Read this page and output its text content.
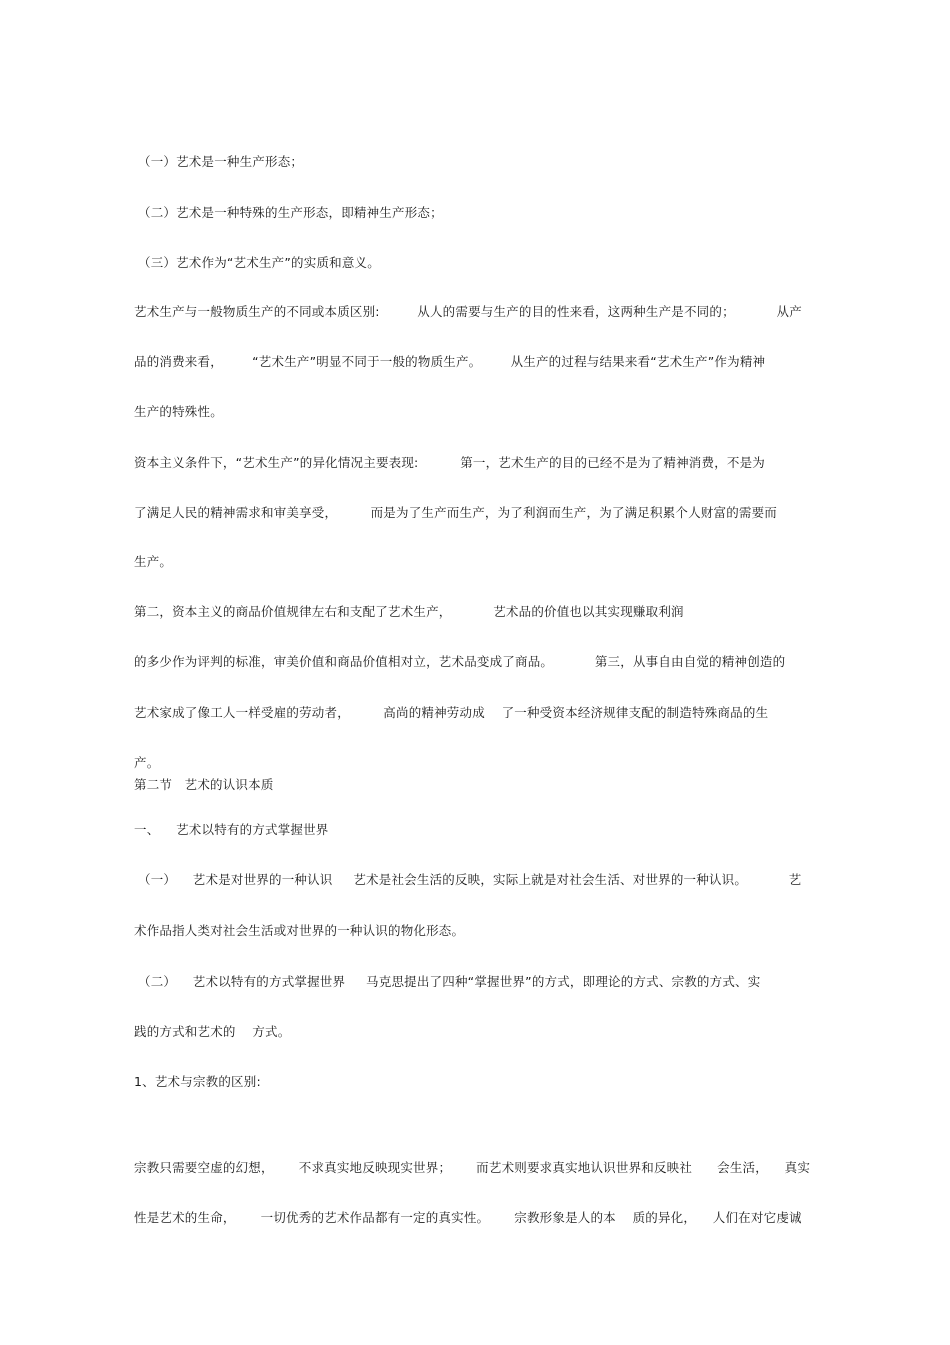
（一）艺术是一种生产形态；
（二）艺术是一种特殊的生产形态，即精神生产形态；
（三）艺术作为“艺术生产”的实质和意义。
艺术生产与一般物质生产的不同或本质区别:         从人的需要与生产的目的性来看，这两种生产是不同的；          从产
品的消费来看，       “艺术生产”明显不同于一般的物质生产。       从生产的过程与结果来看“艺术生产”作为精神
生产的特殊性。
资本主义条件下，“艺术生产”的异化情况主要表现:          第一，艺术生产的目的已经不是为了精神消费，不是为
了满足人民的精神需求和审美享受，        而是为了生产而生产，为了利润而生产，为了满足积累个人财富的需要而
生产。
第二，资本主义的商品价值规律左右和支配了艺术生产，          艺术品的价值也以其实现赚取利润
的多少作为评判的标准，审美价值和商品价值相对立，艺术品变成了商品。          第三，从事自由自觉的精神创造的
艺术家成了像工人一样受雇的劳动者，        高尚的精神劳动成    了一种受资本经济规律支配的制造特殊商品的生
产。
第二节   艺术的认识本质
一、    艺术以特有的方式掌握世界
（一）    艺术是对世界的一种认识     艺术是社会生活的反映，实际上就是对社会生活、对世界的一种认识。          艺
术作品指人类对社会生活或对世界的一种认识的物化形态。
（二）    艺术以特有的方式掌握世界     马克思提出了四种“掌握世界”的方式，即理论的方式、宗教的方式、实
践的方式和艺术的    方式。
1、艺术与宗教的区别:
宗教只需要空虚的幻想，      不求真实地反映现实世界；      而艺术则要求真实地认识世界和反映社      会生活，    真实
性是艺术的生命，      一切优秀的艺术作品都有一定的真实性。      宗教形象是人的本    质的异化，    人们在对它虔诚
